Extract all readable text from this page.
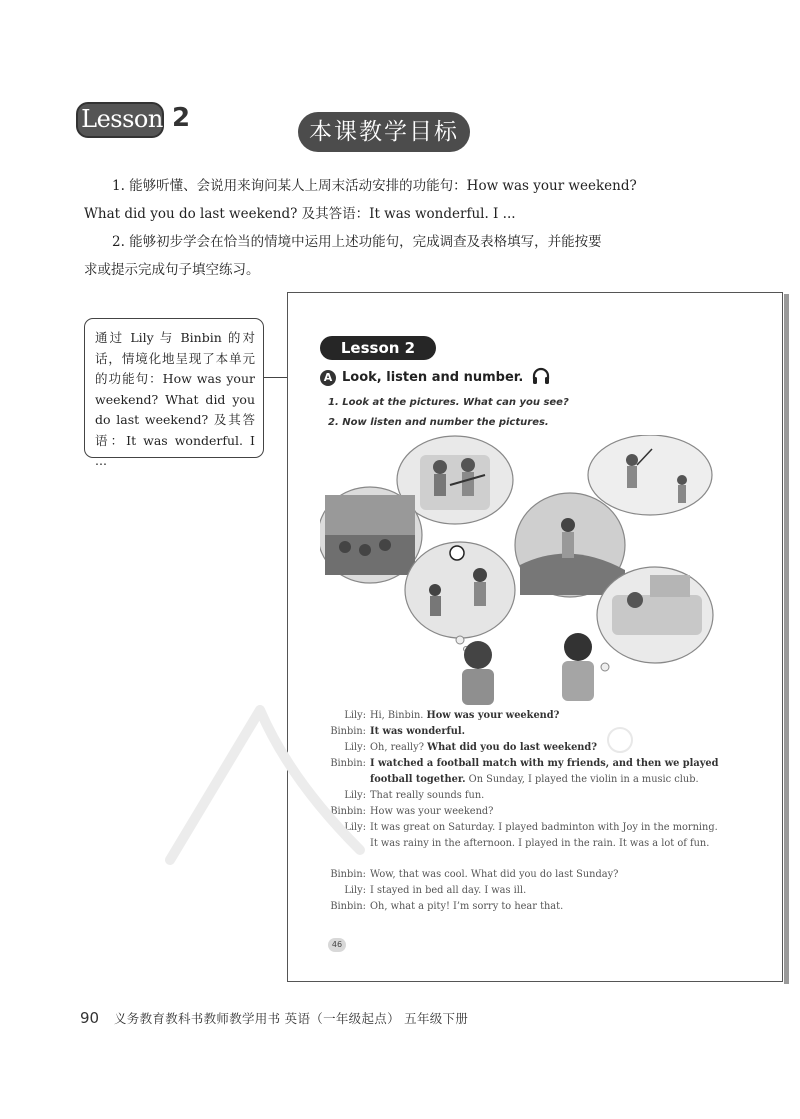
Lesson 2	本课教学目标
1. 能够听懂、会说用来询问某人上周末活动安排的功能句：How was your weekend?
What did you do last weekend? 及其答语：It was wonderful. I ...
2. 能够初步学会在恰当的情境中运用上述功能句，完成调查及表格填写，并能按要
求或提示完成句子填空练习。
通过 Lily 与 Binbin 的对话，情境化地呈现了本单元的功能句：How was your weekend? What did you do last weekend? 及其答语：It was wonderful. I ...
Lesson 2
A Look, listen and number.
1. Look at the pictures. What can you see?
2. Now listen and number the pictures.
Lily: Hi, Binbin. How was your weekend?
Binbin: It was wonderful.
Lily: Oh, really? What did you do last weekend?
Binbin: I watched a football match with my friends, and then we played football together. On Sunday, I played the violin in a music club.
Lily: That really sounds fun.
Binbin: How was your weekend?
Lily: It was great on Saturday. I played badminton with Joy in the morning. It was rainy in the afternoon. I played in the rain. It was a lot of fun.
Binbin: Wow, that was cool. What did you do last Sunday?
Lily: I stayed in bed all day. I was ill.
Binbin: Oh, what a pity! I’m sorry to hear that.
46
90 义务教育教科书教师教学用书 英语（一年级起点） 五年级下册
